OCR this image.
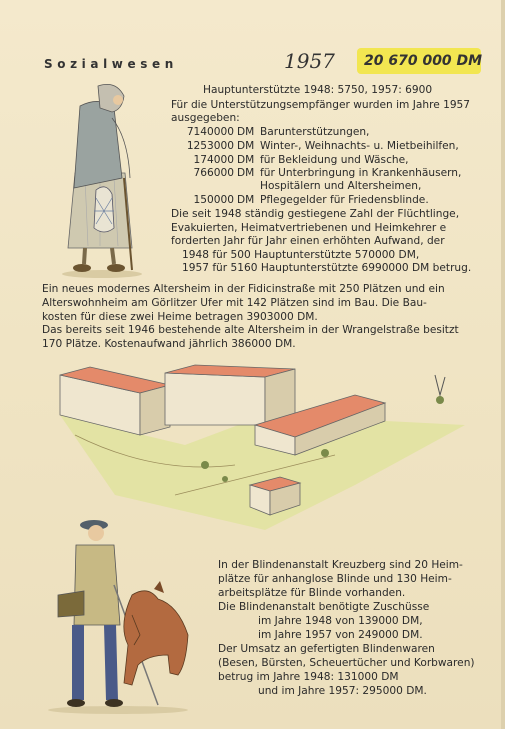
Sozialwesen	1957 20 670 000 DM
Hauptunterstützte 1948: 5750, 1957: 6900
Für die Unterstützungsempfänger wurden im Jahre 1957
ausgegeben:
7140000 DM Barunterstützungen,
1253000 DM Winter-, Weihnachts- u. Mietbeihilfen,
174000 DM für Bekleidung und Wäsche,
766000 DM für Unterbringung in Krankenhäusern,
Hospitälern und Altersheimen,
150000 DM Pflegegelder für Friedensblinde.
Die seit 1948 ständig gestiegene Zahl der Flüchtlinge,
Evakuierten, Heimatvertriebenen und Heimkehrer e
forderten Jahr für Jahr einen erhöhten Aufwand, der
1948 für 500 Hauptunterstützte 570000 DM,
1957 für 5160 Hauptunterstützte 6990000 DM betrug.
Ein neues modernes Altersheim in der Fidicinstraße mit 250 Plätzen und ein
Alterswohnheim am Görlitzer Ufer mit 142 Plätzen sind im Bau. Die Bau-
kosten für diese zwei Heime betragen 3903000 DM.
Das bereits seit 1946 bestehende alte Altersheim in der Wrangelstraße besitzt
170 Plätze. Kostenaufwand jährlich 386000 DM.
In der Blindenanstalt Kreuzberg sind 20 Heim-
plätze für anhanglose Blinde und 130 Heim-
arbeitsplätze für Blinde vorhanden.
Die Blindenanstalt benötigte Zuschüsse
im Jahre 1948 von 139000 DM,
im Jahre 1957 von 249000 DM.
Der Umsatz an gefertigten Blindenwaren
(Besen, Bürsten, Scheuertücher und Korbwaren)
betrug im Jahre 1948: 131000 DM
und im Jahre 1957: 295000 DM.
